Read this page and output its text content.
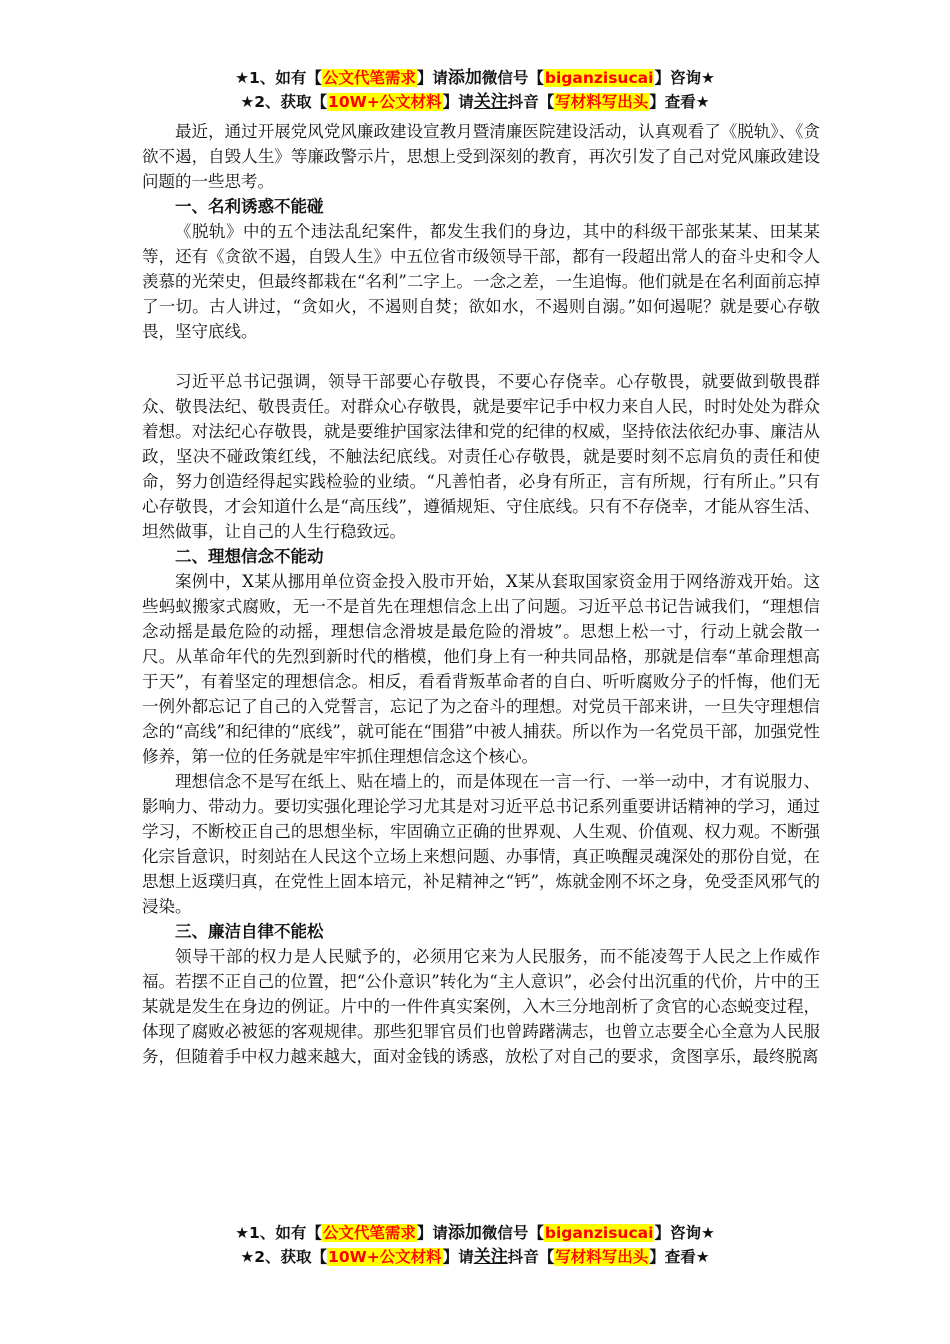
★1、如有【公文代笔需求】请添加微信号【biganzisucai】咨询★
★2、获取【10W+公文材料】请关注抖音【写材料写出头】查看★

最近，通过开展党风党风廉政建设宣教月暨清廉医院建设活动，认真观看了《脱轨》、《贪欲不遏，自毁人生》等廉政警示片，思想上受到深刻的教育，再次引发了自己对党风廉政建设问题的一些思考。

一、名利诱惑不能碰

《脱轨》中的五个违法乱纪案件，都发生我们的身边，其中的科级干部张某某、田某某等，还有《贪欲不遏，自毁人生》中五位省市级领导干部，都有一段超出常人的奋斗史和令人羡慕的光荣史，但最终都栽在“名利”二字上。一念之差，一生追悔。他们就是在名利面前忘掉了一切。古人讲过，“贪如火，不遏则自焚；欲如水，不遏则自溺。”如何遏呢？就是要心存敬畏，坚守底线。

习近平总书记强调，领导干部要心存敬畏，不要心存侥幸。心存敬畏，就要做到敬畏群众、敬畏法纪、敬畏责任。对群众心存敬畏，就是要牢记手中权力来自人民，时时处处为群众着想。对法纪心存敬畏，就是要维护国家法律和党的纪律的权威，坚持依法依纪办事、廉洁从政，坚决不碰政策红线，不触法纪底线。对责任心存敬畏，就是要时刻不忘肩负的责任和使命，努力创造经得起实践检验的业绩。“凡善怕者，必身有所正，言有所规，行有所止。”只有心存敬畏，才会知道什么是“高压线”，遵循规矩、守住底线。只有不存侥幸，才能从容生活、坦然做事，让自己的人生行稳致远。

二、理想信念不能动

案例中，X某从挪用单位资金投入股市开始，X某从套取国家资金用于网络游戏开始。这些蚂蚁搬家式腐败，无一不是首先在理想信念上出了问题。习近平总书记告诫我们，“理想信念动摇是最危险的动摇，理想信念滑坡是最危险的滑坡”。思想上松一寸，行动上就会散一尺。从革命年代的先烈到新时代的楷模，他们身上有一种共同品格，那就是信奉“革命理想高于天”，有着坚定的理想信念。相反，看看背叛革命者的自白、听听腐败分子的忏悔，他们无一例外都忘记了自己的入党誓言，忘记了为之奋斗的理想。对党员干部来讲，一旦失守理想信念的“高线”和纪律的“底线”，就可能在“围猎”中被人捕获。所以作为一名党员干部，加强党性修养，第一位的任务就是牢牢抓住理想信念这个核心。

理想信念不是写在纸上、贴在墙上的，而是体现在一言一行、一举一动中，才有说服力、影响力、带动力。要切实强化理论学习尤其是对习近平总书记系列重要讲话精神的学习，通过学习，不断校正自己的思想坐标，牢固确立正确的世界观、人生观、价值观、权力观。不断强化宗旨意识，时刻站在人民这个立场上来想问题、办事情，真正唤醒灵魂深处的那份自觉，在思想上返璞归真，在党性上固本培元，补足精神之“钙”，炼就金刚不坏之身，免受歪风邪气的浸染。

三、廉洁自律不能松

领导干部的权力是人民赋予的，必须用它来为人民服务，而不能凌驾于人民之上作威作福。若摆不正自己的位置，把“公仆意识”转化为“主人意识”，必会付出沉重的代价，片中的王某就是发生在身边的例证。片中的一件件真实案例，入木三分地剖析了贪官的心态蜕变过程，体现了腐败必被惩的客观规律。那些犯罪官员们也曾踌躇满志，也曾立志要全心全意为人民服务，但随着手中权力越来越大，面对金钱的诱惑，放松了对自己的要求，贪图享乐，最终脱离

★1、如有【公文代笔需求】请添加微信号【biganzisucai】咨询★
★2、获取【10W+公文材料】请关注抖音【写材料写出头】查看★
